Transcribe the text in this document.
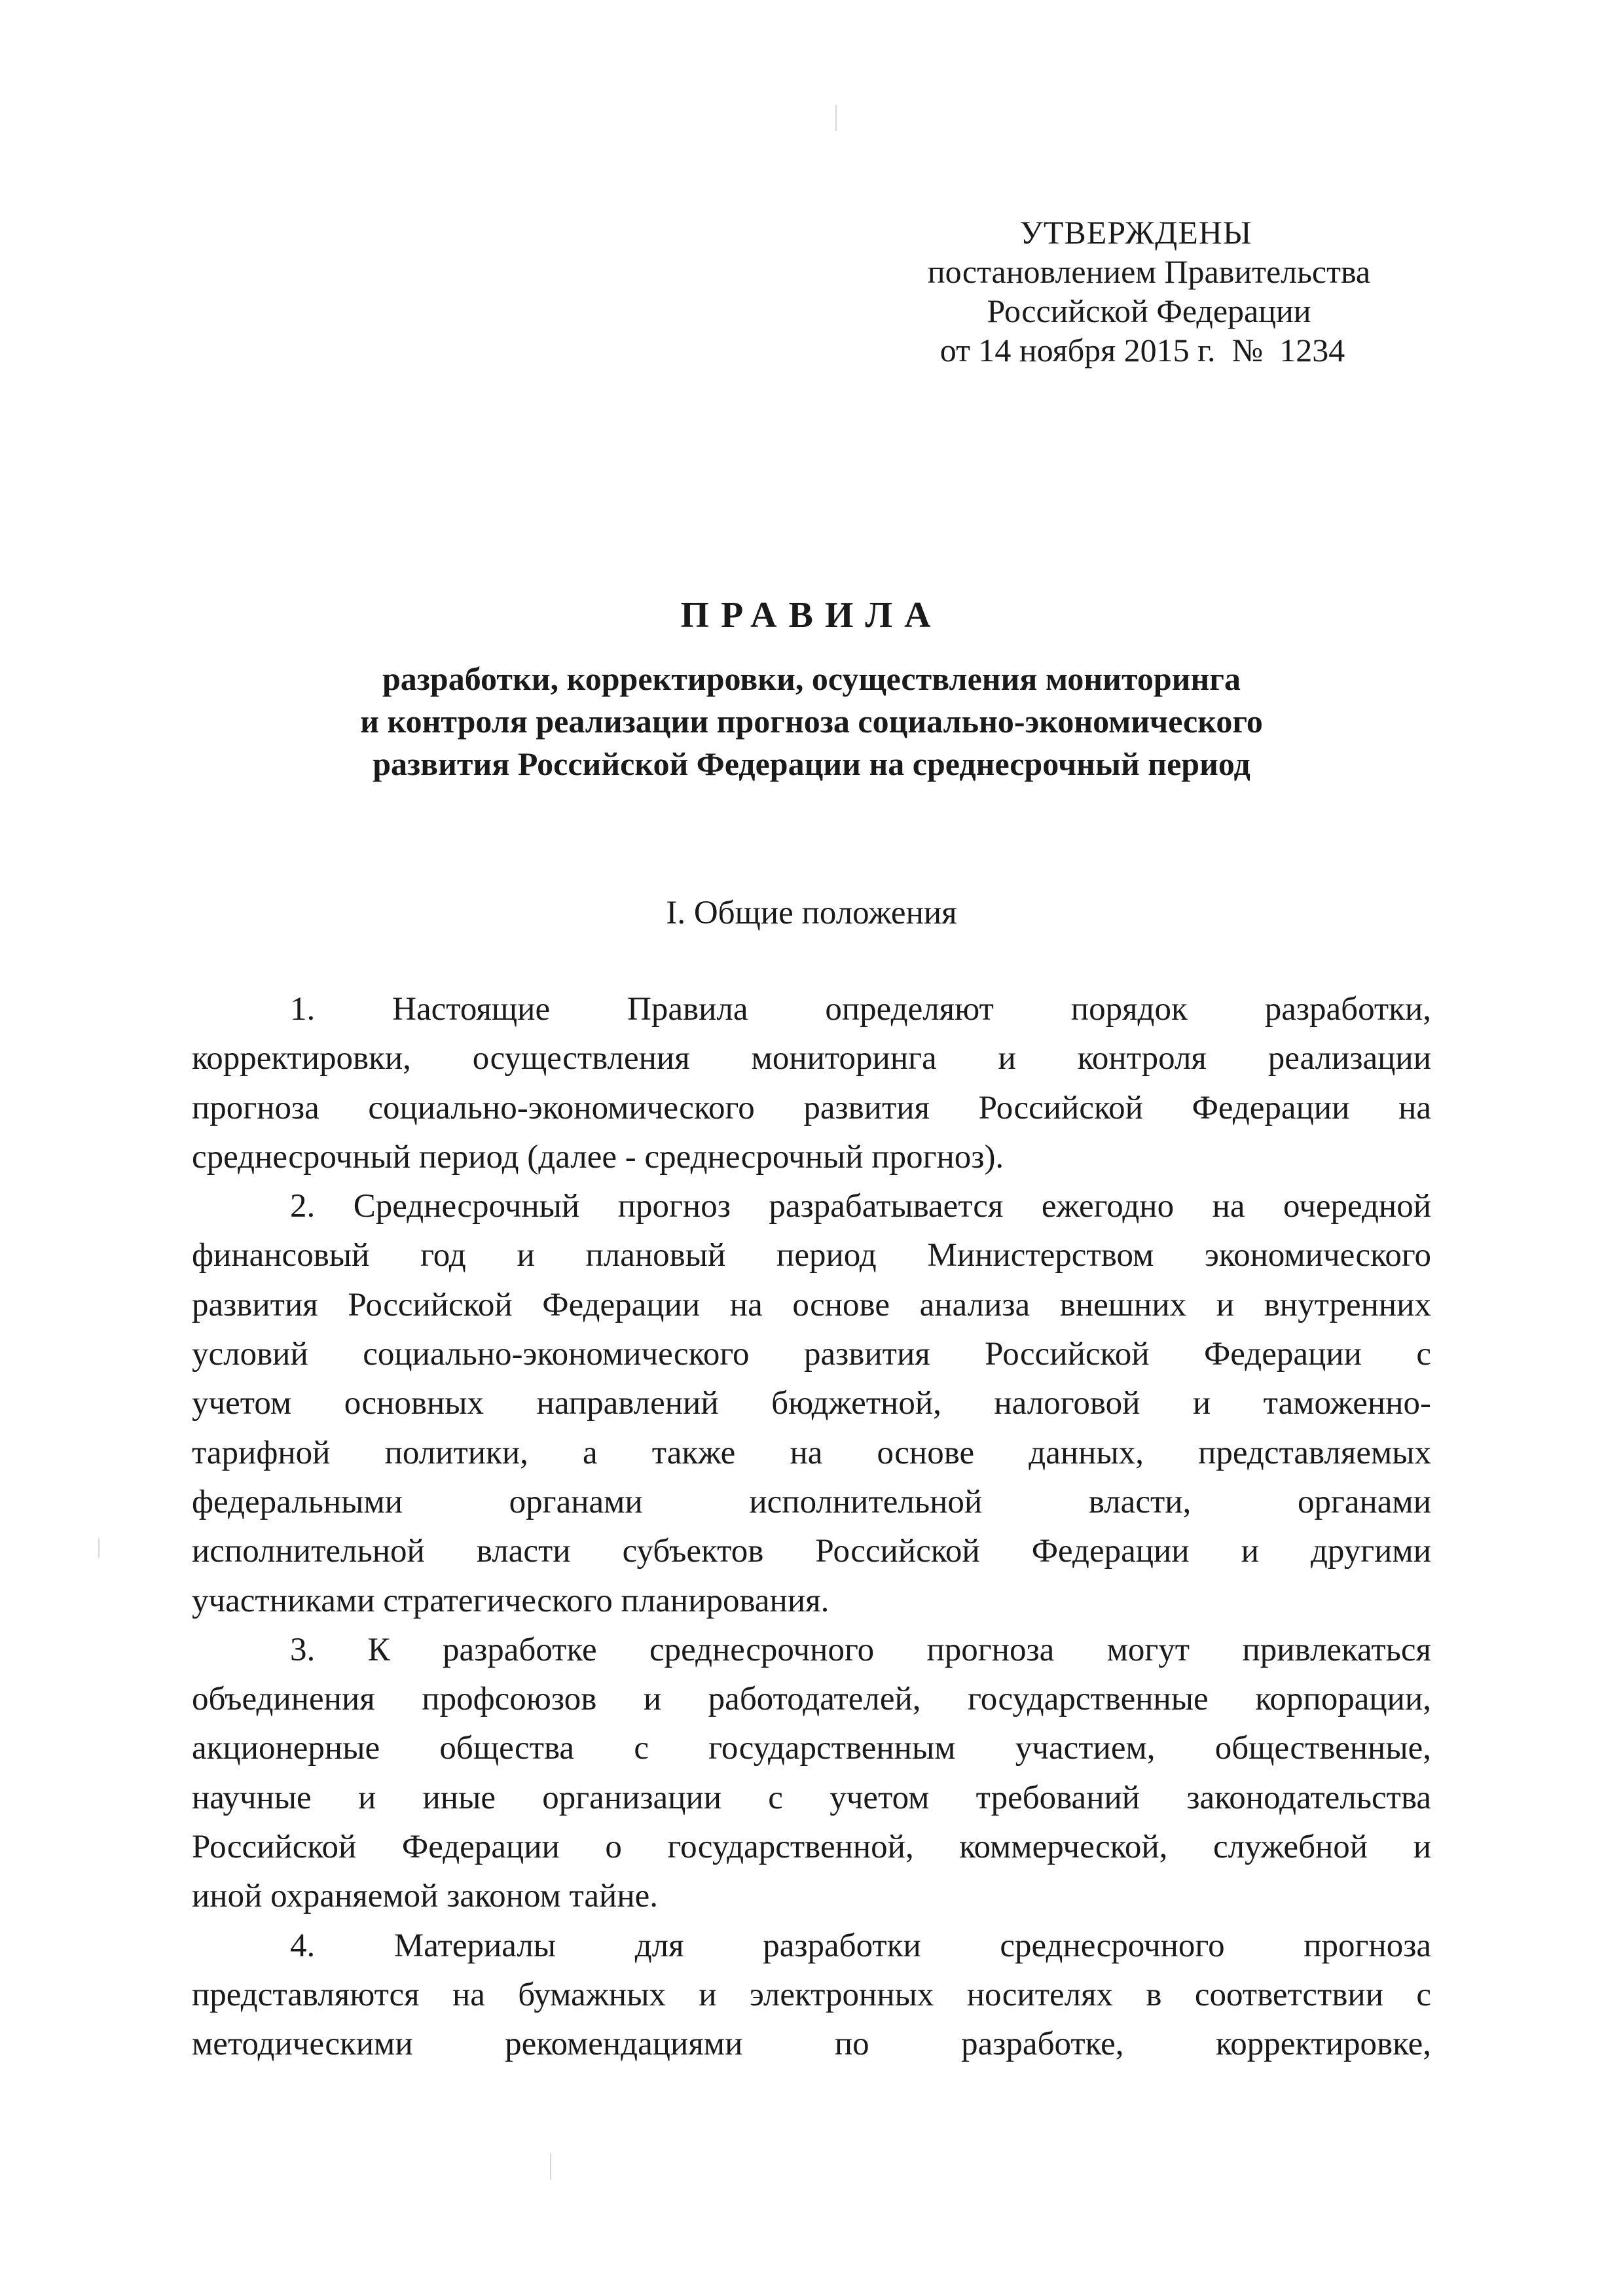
УТВЕРЖДЕНЫ
постановлением Правительства
Российской Федерации
от 14 ноября 2015 г.  №  1234
ПРАВИЛА
разработки, корректировки, осуществления мониторинга
и контроля реализации прогноза социально-экономического
развития Российской Федерации на среднесрочный период
I. Общие положения

1. Настоящие Правила определяют порядок разработки,

корректировки, осуществления мониторинга и контроля реализации

прогноза социально-экономического развития Российской Федерации на

среднесрочный период (далее - среднесрочный прогноз).

2. Среднесрочный прогноз разрабатывается ежегодно на очередной

финансовый год и плановый период Министерством экономического

развития Российской Федерации на основе анализа внешних и внутренних

условий социально-экономического развития Российской Федерации с

учетом основных направлений бюджетной, налоговой и таможенно-

тарифной политики, а также на основе данных, представляемых

федеральными органами исполнительной власти, органами

исполнительной власти субъектов Российской Федерации и другими

участниками стратегического планирования.

3. К разработке среднесрочного прогноза могут привлекаться

объединения профсоюзов и работодателей, государственные корпорации,

акционерные общества с государственным участием, общественные,

научные и иные организации с учетом требований законодательства

Российской Федерации о государственной, коммерческой, служебной и

иной охраняемой законом тайне.

4. Материалы для разработки среднесрочного прогноза

представляются на бумажных и электронных носителях в соответствии с

методическими рекомендациями по разработке, корректировке,
